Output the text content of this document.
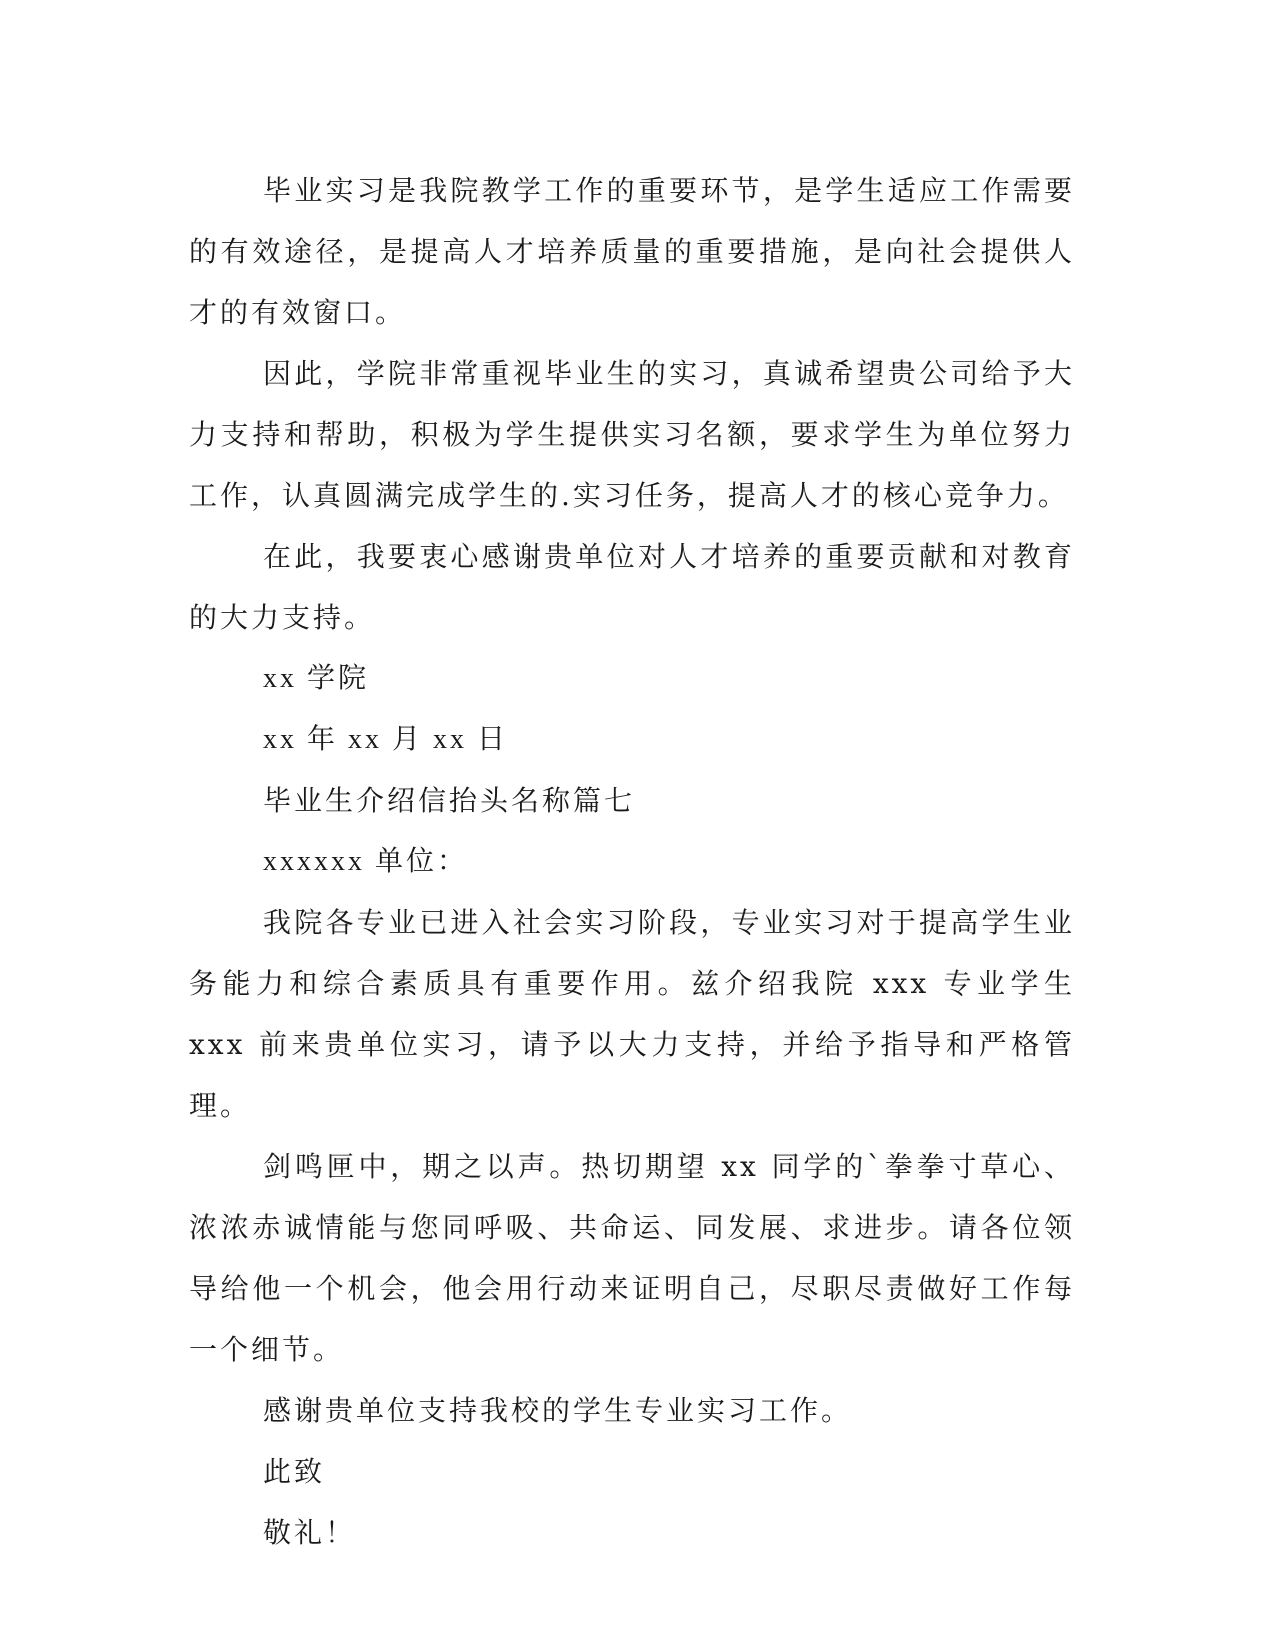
毕业实习是我院教学工作的重要环节，是学生适应工作需要的有效途径，是提高人才培养质量的重要措施，是向社会提供人才的有效窗口。

因此，学院非常重视毕业生的实习，真诚希望贵公司给予大力支持和帮助，积极为学生提供实习名额，要求学生为单位努力工作，认真圆满完成学生的.实习任务，提高人才的核心竞争力。

在此，我要衷心感谢贵单位对人才培养的重要贡献和对教育的大力支持。

xx 学院

xx 年 xx 月 xx 日

毕业生介绍信抬头名称篇七

xxxxxx 单位：

我院各专业已进入社会实习阶段，专业实习对于提高学生业务能力和综合素质具有重要作用。兹介绍我院 xxx 专业学生 xxx 前来贵单位实习，请予以大力支持，并给予指导和严格管理。

剑鸣匣中，期之以声。热切期望 xx 同学的`拳拳寸草心、浓浓赤诚情能与您同呼吸、共命运、同发展、求进步。请各位领导给他一个机会，他会用行动来证明自己，尽职尽责做好工作每一个细节。

感谢贵单位支持我校的学生专业实习工作。

此致

敬礼！
